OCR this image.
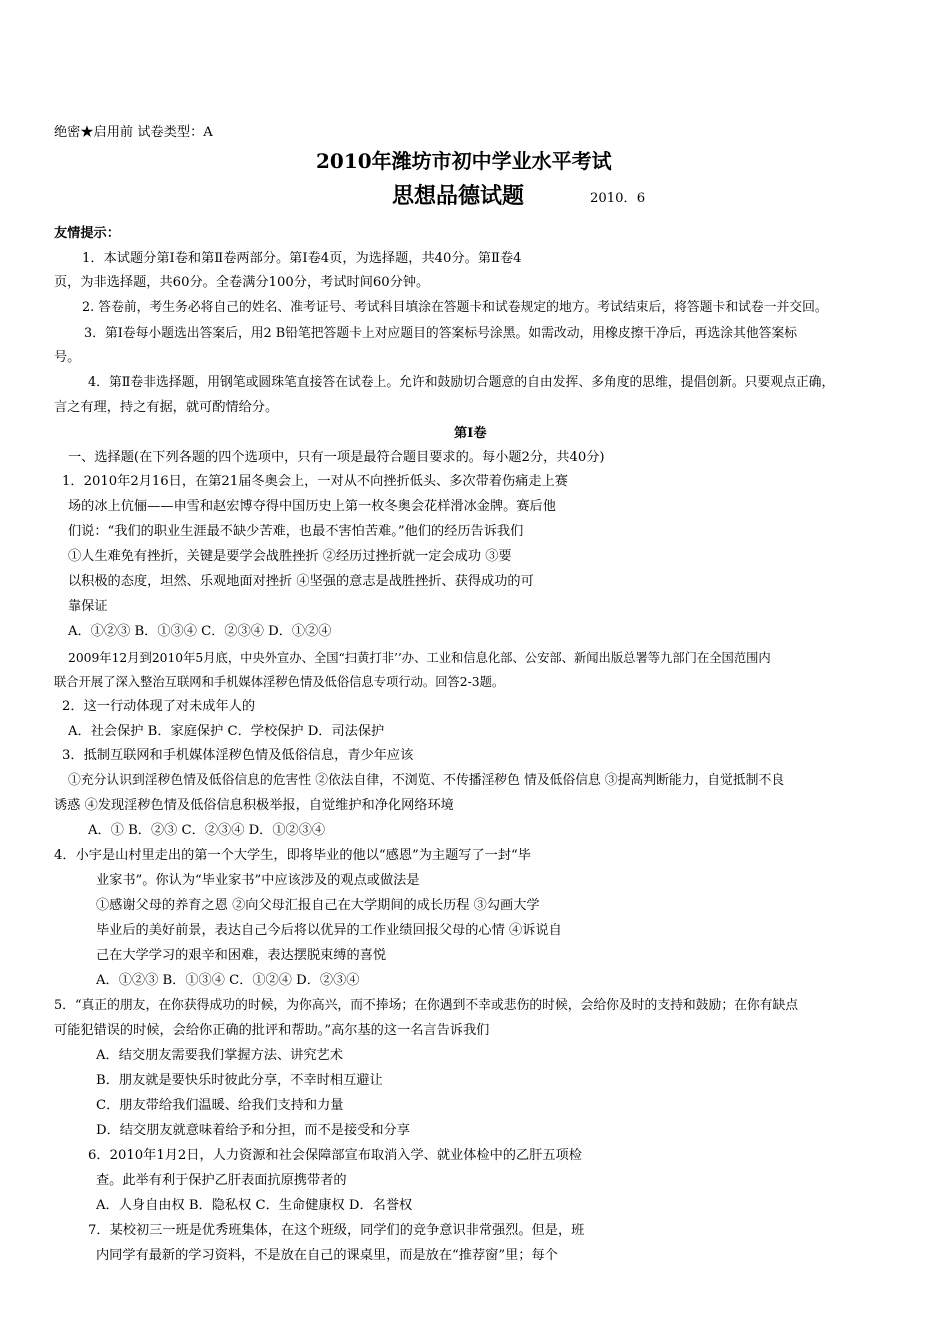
绝密★启用前 试卷类型：A
2010年潍坊市初中学业水平考试
思想品德试题	2010．6
友情提示：
1．本试题分第Ⅰ卷和第Ⅱ卷两部分。第Ⅰ卷4页，为选择题，共40分。第Ⅱ卷4
页，为非选择题，共60分。全卷满分100分，考试时间60分钟。
2. 答卷前，考生务必将自己的姓名、准考证号、考试科目填涂在答题卡和试卷规定的地方。考试结束后，将答题卡和试卷一并交回。
3．第Ⅰ卷每小题选出答案后，用2 B铅笔把答题卡上对应题目的答案标号涂黑。如需改动，用橡皮擦干净后，再选涂其他答案标
号。
4．第Ⅱ卷非选择题，用钢笔或圆珠笔直接答在试卷上。允许和鼓励切合题意的自由发挥、多角度的思维，提倡创新。只要观点正确，
言之有理，持之有据，就可酌情给分。
第Ⅰ卷
一、选择题(在下列各题的四个选项中，只有一项是最符合题目要求的。每小题2分，共40分)
1．2010年2月16日，在第21届冬奥会上，一对从不向挫折低头、多次带着伤痛走上赛
场的冰上伉俪——申雪和赵宏博夺得中国历史上第一枚冬奥会花样滑冰金牌。赛后他
们说：“我们的职业生涯最不缺少苦难，也最不害怕苦难。”他们的经历告诉我们
①人生难免有挫折，关键是要学会战胜挫折 ②经历过挫折就一定会成功 ③要
以积极的态度，坦然、乐观地面对挫折 ④坚强的意志是战胜挫折、获得成功的可
靠保证
A．①②③ B．①③④ C．②③④ D．①②④
2009年12月到2010年5月底，中央外宣办、全国“扫黄打非’’办、工业和信息化部、公安部、新闻出版总署等九部门在全国范围内
联合开展了深入整治互联网和手机媒体淫秽色情及低俗信息专项行动。回答2-3题。
2．这一行动体现了对未成年人的
A．社会保护 B．家庭保护 C．学校保护 D．司法保护
3．抵制互联网和手机媒体淫秽色情及低俗信息，青少年应该
①充分认识到淫秽色情及低俗信息的危害性 ②依法自律，不浏览、不传播淫秽色 情及低俗信息 ③提高判断能力，自觉抵制不良
诱惑 ④发现淫秽色情及低俗信息积极举报，自觉维护和净化网络环境
A．① B．②③ C．②③④ D．①②③④
4．小宇是山村里走出的第一个大学生，即将毕业的他以“感恩”为主题写了一封“毕
业家书”。你认为“毕业家书”中应该涉及的观点或做法是
①感谢父母的养育之恩 ②向父母汇报自己在大学期间的成长历程 ③勾画大学
毕业后的美好前景，表达自己今后将以优异的工作业绩回报父母的心情 ④诉说自
己在大学学习的艰辛和困难，表达摆脱束缚的喜悦
A．①②③ B．①③④ C．①②④ D．②③④
5．“真正的朋友，在你获得成功的时候，为你高兴，而不捧场；在你遇到不幸或悲伤的时候，会给你及时的支持和鼓励；在你有缺点
可能犯错误的时候，会给你正确的批评和帮助。”高尔基的这一名言告诉我们
A．结交朋友需要我们掌握方法、讲究艺术
B．朋友就是要快乐时彼此分享，不幸时相互避让
C．朋友带给我们温暖、给我们支持和力量
D．结交朋友就意味着给予和分担，而不是接受和分享
6．2010年1月2日，人力资源和社会保障部宣布取消入学、就业体检中的乙肝五项检
查。此举有利于保护乙肝表面抗原携带者的
A．人身自由权 B．隐私权 C．生命健康权 D．名誉权
7．某校初三一班是优秀班集体，在这个班级，同学们的竞争意识非常强烈。但是，班
内同学有最新的学习资料，不是放在自己的课桌里，而是放在“推荐窗”里；每个
